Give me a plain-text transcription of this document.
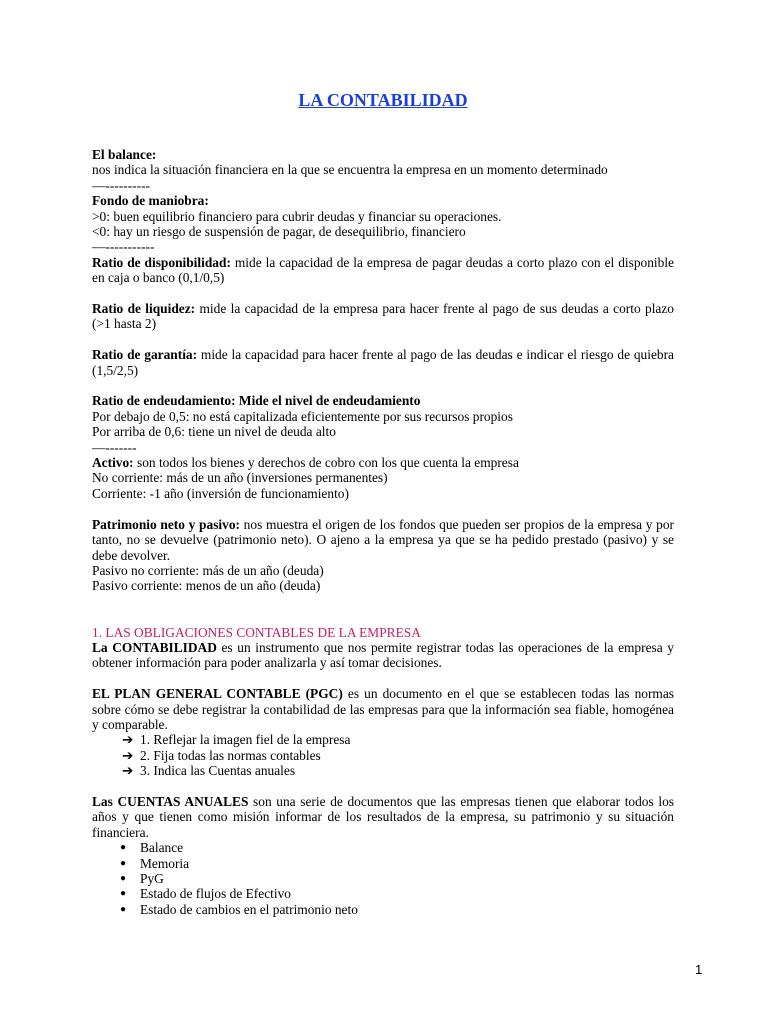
LA CONTABILIDAD

El balance:

nos indica la situación financiera en la que se encuentra la empresa en un momento determinado

—----------

Fondo de maniobra:

>0: buen equilibrio financiero para cubrir deudas y financiar su operaciones.

<0: hay un riesgo de suspensión de pagar, de desequilibrio, financiero

—-----------

Ratio de disponibilidad: mide la capacidad de la empresa de pagar deudas a corto plazo con el disponible en caja o banco (0,1/0,5)

Ratio de liquidez: mide la capacidad de la empresa para hacer frente al pago de sus deudas a corto plazo (>1 hasta 2)

Ratio de garantía: mide la capacidad para hacer frente al pago de las deudas e indicar el riesgo de quiebra (1,5/2,5)

Ratio de endeudamiento: Mide el nivel de endeudamiento

Por debajo de 0,5: no está capitalizada eficientemente por sus recursos propios

Por arriba de 0,6: tiene un nivel de deuda alto

—-------

Activo: son todos los bienes y derechos de cobro con los que cuenta la empresa

No corriente: más de un año (inversiones permanentes)

Corriente: -1 año (inversión de funcionamiento)

Patrimonio neto y pasivo: nos muestra el origen de los fondos que pueden ser propios de la empresa y por tanto, no se devuelve (patrimonio neto). O ajeno a la empresa ya que se ha pedido prestado (pasivo) y se debe devolver.

Pasivo no corriente: más de un año (deuda)

Pasivo corriente: menos de un año (deuda)

1. LAS OBLIGACIONES CONTABLES DE LA EMPRESA

La CONTABILIDAD es un instrumento que nos permite registrar todas las operaciones de la empresa y obtener información para poder analizarla y así tomar decisiones.

EL PLAN GENERAL CONTABLE (PGC) es un documento en el que se establecen todas las normas sobre cómo se debe registrar la contabilidad de las empresas para que la información sea fiable, homogénea y comparable.

➔ 1. Reflejar la imagen fiel de la empresa
➔ 2. Fija todas las normas contables
➔ 3. Indica las Cuentas anuales

Las CUENTAS ANUALES son una serie de documentos que las empresas tienen que elaborar todos los años y que tienen como misión informar de los resultados de la empresa, su patrimonio y su situación financiera.

● Balance
● Memoria
● PyG
● Estado de flujos de Efectivo
● Estado de cambios en el patrimonio neto
1
